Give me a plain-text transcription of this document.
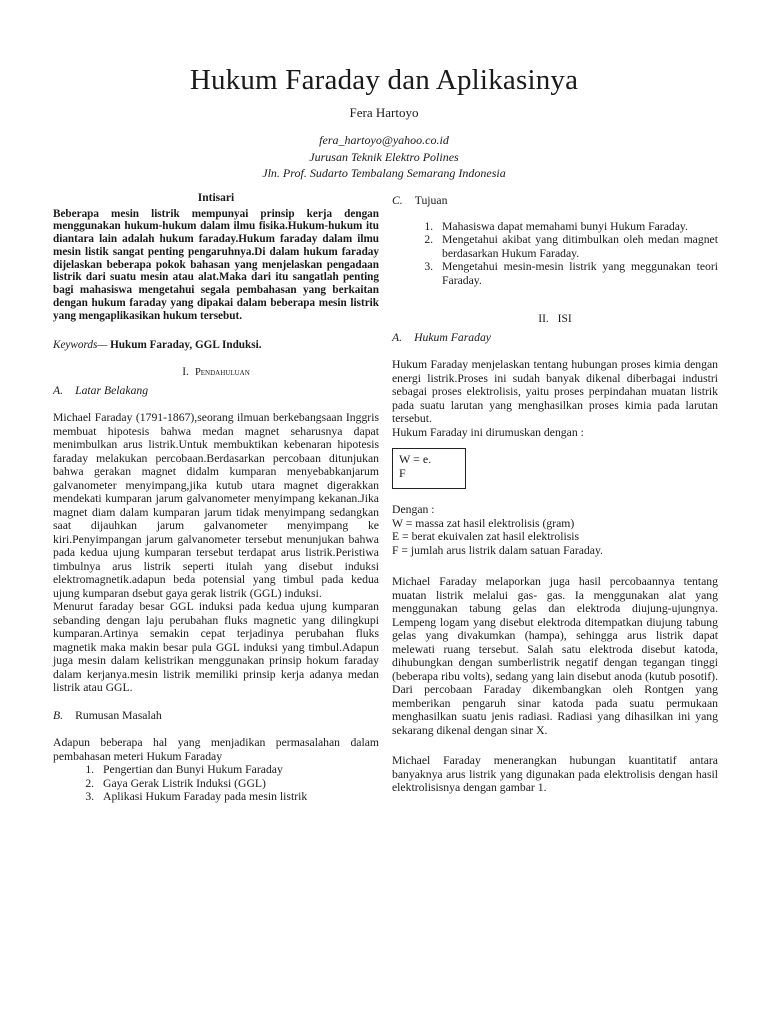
Hukum Faraday dan Aplikasinya
Fera Hartoyo
fera_hartoyo@yahoo.co.id
Jurusan Teknik Elektro Polines
Jln. Prof. Sudarto Tembalang Semarang Indonesia
Intisari
Beberapa mesin listrik mempunyai prinsip kerja dengan menggunakan hukum-hukum dalam ilmu fisika.Hukum-hukum itu diantara lain adalah hukum faraday.Hukum faraday dalam ilmu mesin listik sangat penting pengaruhnya.Di dalam hukum faraday dijelaskan beberapa pokok bahasan yang menjelaskan pengadaan listrik dari suatu mesin atau alat.Maka dari itu sangatlah penting bagi mahasiswa mengetahui segala pembahasan yang berkaitan dengan hukum faraday yang dipakai dalam beberapa mesin listrik yang mengaplikasikan hukum tersebut.
Keywords— Hukum Faraday, GGL Induksi.
I. Pendahuluan
A. Latar Belakang
Michael Faraday (1791-1867),seorang ilmuan berkebangsaan Inggris membuat hipotesis bahwa medan magnet seharusnya dapat menimbulkan arus listrik.Untuk membuktikan kebenaran hipotesis faraday melakukan percobaan.Berdasarkan percobaan ditunjukan bahwa gerakan magnet didalm kumparan menyebabkanjarum galvanometer menyimpang,jika kutub utara magnet digerakkan mendekati kumparan jarum galvanometer menyimpang kekanan.Jika magnet diam dalam kumparan jarum tidak menyimpang sedangkan saat dijauhkan jarum galvanometer menyimpang ke kiri.Penyimpangan jarum galvanometer tersebut menunjukan bahwa pada kedua ujung kumparan tersebut terdapat arus listrik.Peristiwa timbulnya arus listrik seperti itulah yang disebut induksi elektromagnetik.adapun beda potensial yang timbul pada kedua ujung kumparan dsebut gaya gerak listrik (GGL) induksi.
Menurut faraday besar GGL induksi pada kedua ujung kumparan sebanding dengan laju perubahan fluks magnetic yang dilingkupi kumparan.Artinya semakin cepat terjadinya perubahan fluks magnetik maka makin besar pula GGL induksi yang timbul.Adapun juga mesin dalam kelistrikan menggunakan prinsip hokum faraday dalam kerjanya.mesin listrik memiliki prinsip kerja adanya medan listrik atau GGL.
B. Rumusan Masalah
Adapun beberapa hal yang menjadikan permasalahan dalam pembahasan meteri Hukum Faraday
1. Pengertian dan Bunyi Hukum Faraday
2. Gaya Gerak Listrik Induksi (GGL)
3. Aplikasi Hukum Faraday pada mesin listrik
C. Tujuan
1. Mahasiswa dapat memahami bunyi Hukum Faraday.
2. Mengetahui akibat yang ditimbulkan oleh medan magnet berdasarkan Hukum Faraday.
3. Mengetahui mesin-mesin listrik yang meggunakan teori Faraday.
II. ISI
A. Hukum Faraday
Hukum Faraday menjelaskan tentang hubungan proses kimia dengan energi listrik.Proses ini sudah banyak dikenal diberbagai industri sebagai proses elektrolisis, yaitu proses perpindahan muatan listrik pada suatu larutan yang menghasilkan proses kimia pada larutan tersebut.
Hukum Faraday ini dirumuskan dengan :
W = e. F
Dengan :
W = massa zat hasil elektrolisis (gram)
E = berat ekuivalen zat hasil elektrolisis
F = jumlah arus listrik dalam satuan Faraday.
Michael Faraday melaporkan juga hasil percobaannya tentang muatan listrik melalui gas- gas. Ia menggunakan alat yang menggunakan tabung gelas dan elektroda diujung-ujungnya. Lempeng logam yang disebut elektroda ditempatkan diujung tabung gelas yang divakumkan (hampa), sehingga arus listrik dapat melewati ruang tersebut. Salah satu elektroda disebut katoda, dihubungkan dengan sumberlistrik negatif dengan tegangan tinggi (beberapa ribu volts), sedang yang lain disebut anoda (kutub posotif). Dari percobaan Faraday dikembangkan oleh Rontgen yang memberikan pengaruh sinar katoda pada suatu permukaan menghasilkan suatu jenis radiasi. Radiasi yang dihasilkan ini yang sekarang dikenal dengan sinar X.
Michael Faraday menerangkan hubungan kuantitatif antara banyaknya arus listrik yang digunakan pada elektrolisis dengan hasil elektrolisisnya dengan gambar 1.
